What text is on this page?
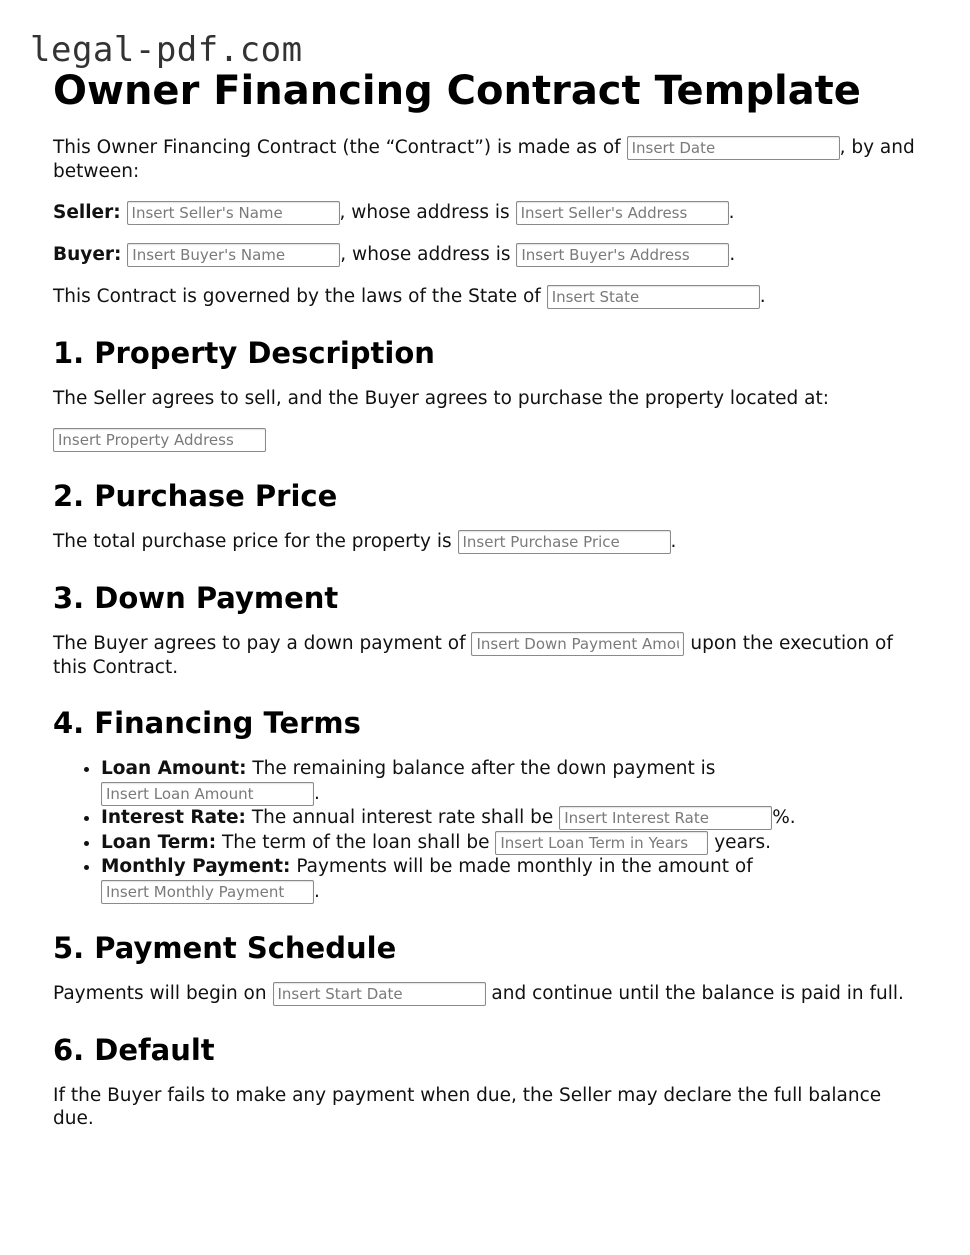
legal-pdf.com
Owner Financing Contract Template

This Owner Financing Contract (the “Contract”) is made as of Insert Date	, by and between:

Seller: Insert Seller's Name	, whose address is Insert Seller's Address	.

Buyer: Insert Buyer's Name	, whose address is Insert Buyer's Address	.

This Contract is governed by the laws of the State of Insert State	.

1. Property Description

The Seller agrees to sell, and the Buyer agrees to purchase the property located at:

Insert Property Address

2. Purchase Price

The total purchase price for the property is Insert Purchase Price	.

3. Down Payment

The Buyer agrees to pay a down payment of Insert Down Payment Amount	upon the execution of this Contract.

4. Financing Terms
• Loan Amount: The remaining balance after the down payment is Insert Loan Amount.
• Interest Rate: The annual interest rate shall be Insert Interest Rate	%.
• Loan Term: The term of the loan shall be Insert Loan Term in Years	years.
• Monthly Payment: Payments will be made monthly in the amount of Insert Monthly Payment.
5. Payment Schedule

Payments will begin on Insert Start Date	and continue until the balance is paid in full.

6. Default

If the Buyer fails to make any payment when due, the Seller may declare the full balance due.
